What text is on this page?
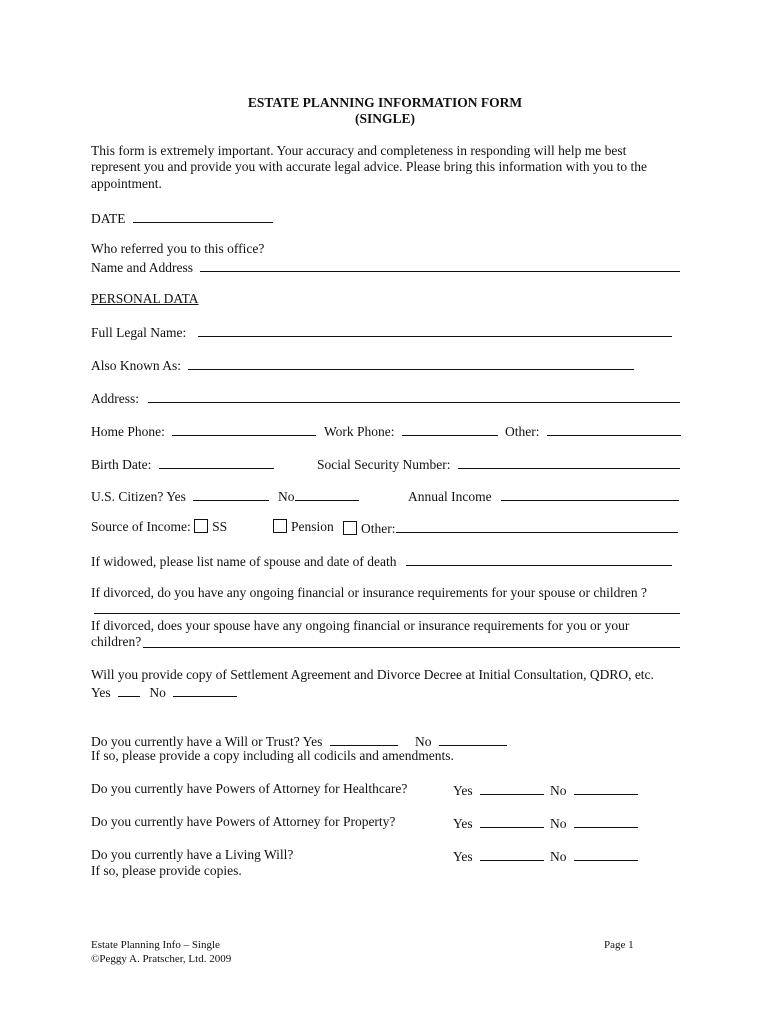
ESTATE PLANNING INFORMATION FORM
(SINGLE)
This form is extremely important. Your accuracy and completeness in responding will help me best
represent you and provide you with accurate legal advice. Please bring this information with you to the
appointment.
DATE
Who referred you to this office?
Name and Address
PERSONAL DATA
Full Legal Name:
Also Known As:
Address:
Home Phone:	Work Phone:	Other:
Birth Date:	Social Security Number:
U.S. Citizen? Yes	No	Annual Income
Source of Income: SS	Pension	Other:
If widowed, please list name of spouse and date of death
If divorced, do you have any ongoing financial or insurance requirements for your spouse or children ?
If divorced, does your spouse have any ongoing financial or insurance requirements for you or your
children?
Will you provide copy of Settlement Agreement and Divorce Decree at Initial Consultation, QDRO, etc.
Yes	No
Do you currently have a Will or Trust? Yes	No
If so, please provide a copy including all codicils and amendments.
Do you currently have Powers of Attorney for Healthcare?	Yes	No
Do you currently have Powers of Attorney for Property?	Yes	No
Do you currently have a Living Will?	Yes	No
If so, please provide copies.
Estate Planning Info – Single
©Peggy A. Pratscher, Ltd. 2009
Page 1
